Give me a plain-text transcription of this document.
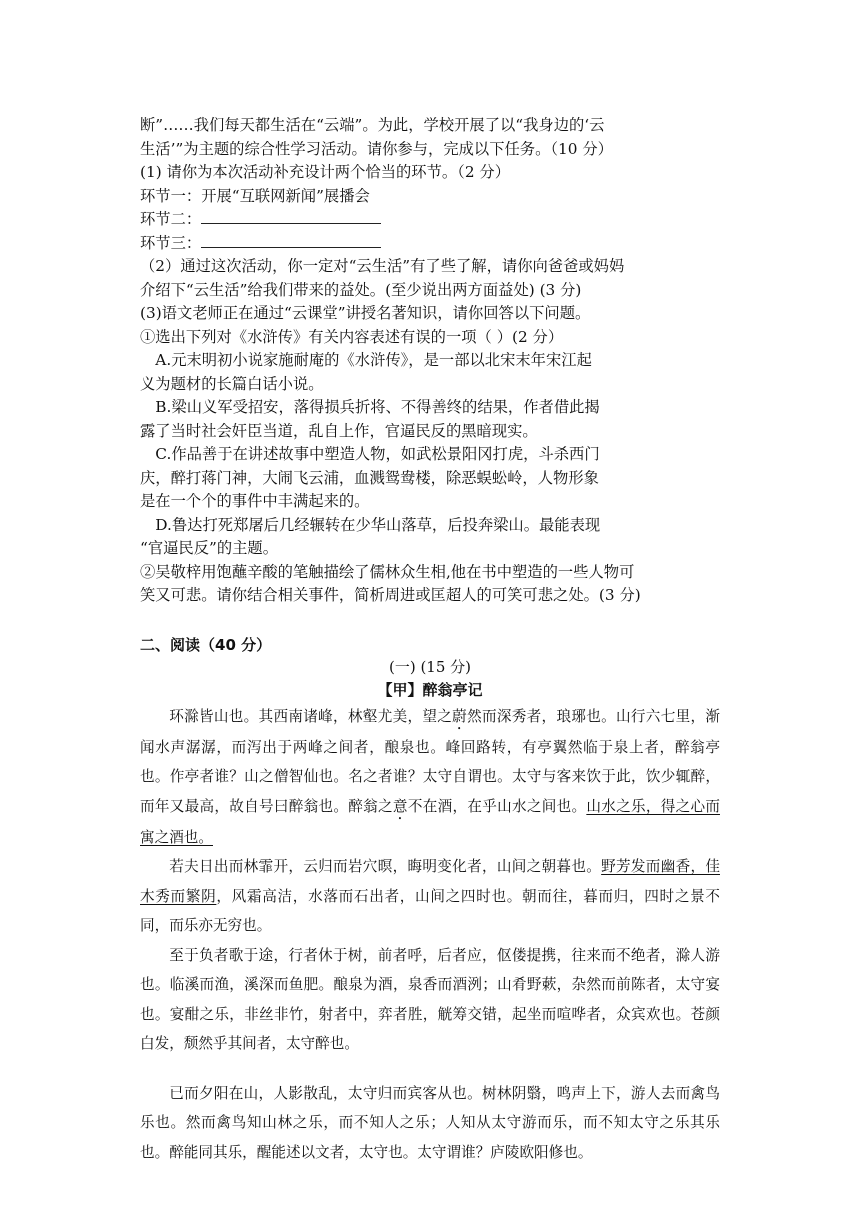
断”……我们每天都生活在“云端”。为此，学校开展了以“我身边的‘云
生活’”为主题的综合性学习活动。请你参与，完成以下任务。（10 分）
(1) 请你为本次活动补充设计两个恰当的环节。（2 分）
环节一：开展“互联网新闻”展播会
环节二：
环节三：
（2）通过这次活动，你一定对“云生活”有了些了解，请你向爸爸或妈妈
介绍下“云生活”给我们带来的益处。(至少说出两方面益处) (3 分)
(3)语文老师正在通过“云课堂”讲授名著知识，请你回答以下问题。
①选出下列对《水浒传》有关内容表述有误的一项（ ）(2 分）
A.元末明初小说家施耐庵的《水浒传》，是一部以北宋末年宋江起
义为题材的长篇白话小说。
B.梁山义军受招安，落得损兵折将、不得善终的结果，作者借此揭
露了当时社会奸臣当道，乱自上作，官逼民反的黑暗现实。
C.作品善于在讲述故事中塑造人物，如武松景阳冈打虎，斗杀西门
庆，醉打蒋门神，大闹飞云浦，血溅鸳鸯楼，除恶蜈蚣岭，人物形象
是在一个个的事件中丰满起来的。
D.鲁达打死郑屠后几经辗转在少华山落草，后投奔梁山。最能表现
“官逼民反”的主题。
②吴敬梓用饱蘸辛酸的笔触描绘了儒林众生相,他在书中塑造的一些人物可
笑又可悲。请你结合相关事件，简析周进或匡超人的可笑可悲之处。(3 分)
二、阅读（40 分）
(一) (15 分)
【甲】醉翁亭记
环滁皆山也。其西南诸峰，林壑尤美，望之蔚然而深秀者，琅琊也。山行六七里，渐闻水声潺潺，而泻出于两峰之间者，酿泉也。峰回路转，有亭翼然临于泉上者，醉翁亭也。作亭者谁？山之僧智仙也。名之者谁？太守自谓也。太守与客来饮于此，饮少辄醉，而年又最高，故自号曰醉翁也。醉翁之意不在酒，在乎山水之间也。山水之乐，得之心而寓之酒也。
若夫日出而林霏开，云归而岩穴暝，晦明变化者，山间之朝暮也。野芳发而幽香，佳木秀而繁阴，风霜高洁，水落而石出者，山间之四时也。朝而往，暮而归，四时之景不同，而乐亦无穷也。
至于负者歌于途，行者休于树，前者呼，后者应，伛偻提携，往来而不绝者，滁人游也。临溪而渔，溪深而鱼肥。酿泉为酒，泉香而酒洌；山肴野蔌，杂然而前陈者，太守宴也。宴酣之乐，非丝非竹，射者中，弈者胜，觥筹交错，起坐而喧哗者，众宾欢也。苍颜白发，颓然乎其间者，太守醉也。
已而夕阳在山，人影散乱，太守归而宾客从也。树林阴翳，鸣声上下，游人去而禽鸟乐也。然而禽鸟知山林之乐，而不知人之乐；人知从太守游而乐，而不知太守之乐其乐也。醉能同其乐，醒能述以文者，太守也。太守谓谁？庐陵欧阳修也。
